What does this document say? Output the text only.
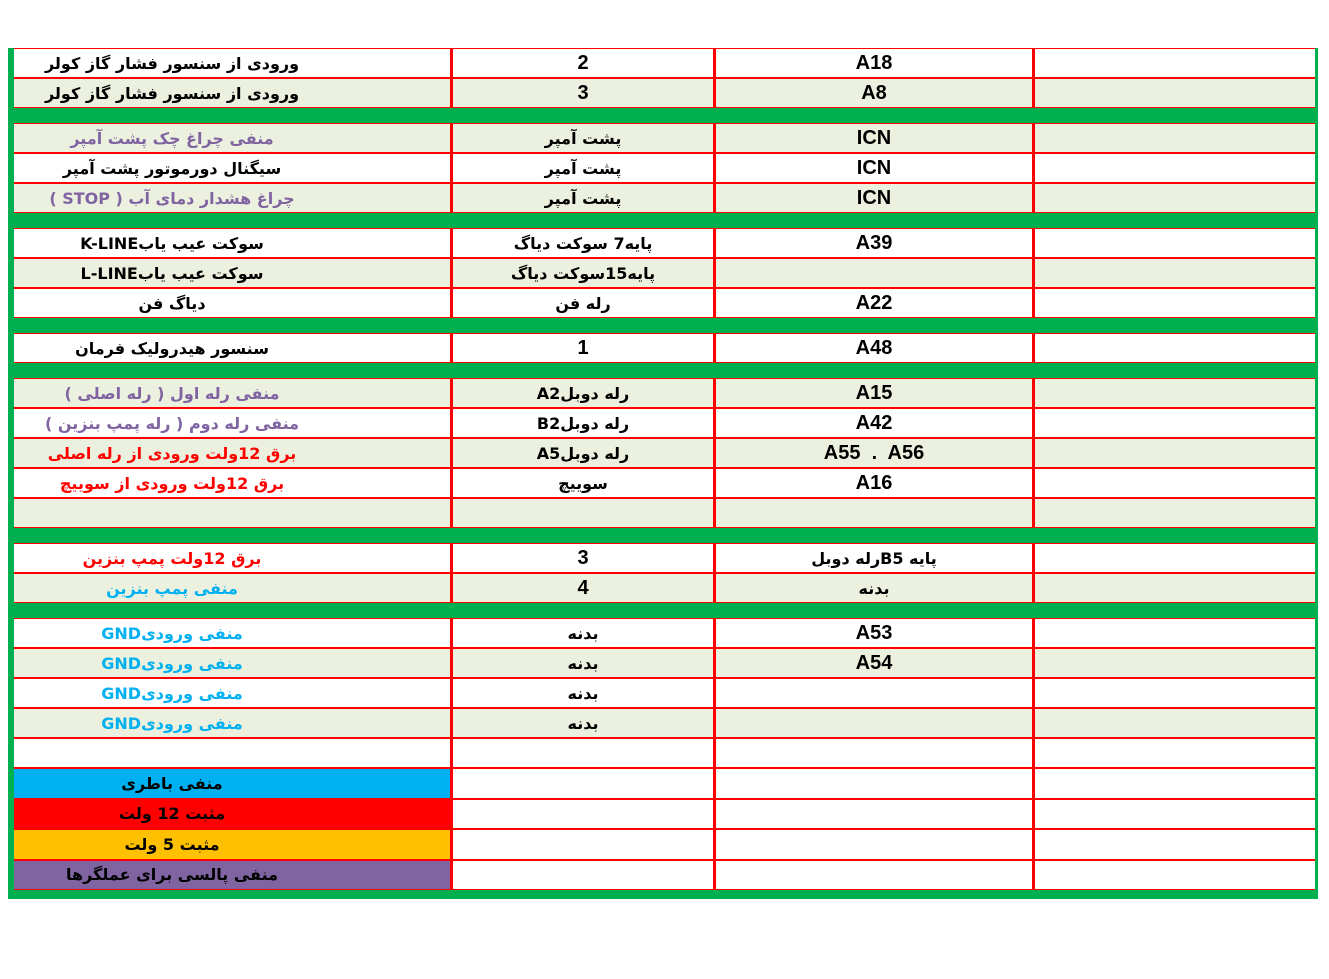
ورودی از سنسور فشار گاز کولر	2	A18
ورودی از سنسور فشار گاز کولر	3	A8
منفی چراغ چک پشت آمپر	پشت آمپر	ICN
سیگنال دورموتور پشت آمپر	پشت آمپر	ICN
چراغ هشدار دمای آب ( STOP )	پشت آمپر	ICN
سوکت عیب یابK-LINE	پایه7 سوکت دیاگ	A39
سوکت عیب یابL-LINE	پایه15سوکت دیاگ
دیاگ فن	رله فن	A22
سنسور هیدرولیک فرمان	1	A48
منفی رله اول ( رله اصلی )	رله دوبلA2	A15
منفی رله دوم ( رله پمپ بنزین )	رله دوبلB2	A42
برق 12ولت ورودی از رله اصلی	رله دوبلA5	A55  .  A56
برق 12ولت ورودی از سوییچ	سوییچ	A16
برق 12ولت پمپ بنزین	3	پایه B5رله دوبل
منفی پمپ بنزین	4	بدنه
منفی ورودیGND	بدنه	A53
منفی ورودیGND	بدنه	A54
منفی ورودیGND	بدنه
منفی ورودیGND	بدنه
منفی باطری
مثبت 12 ولت
مثبت 5 ولت
منفی پالسی برای عملگرها
